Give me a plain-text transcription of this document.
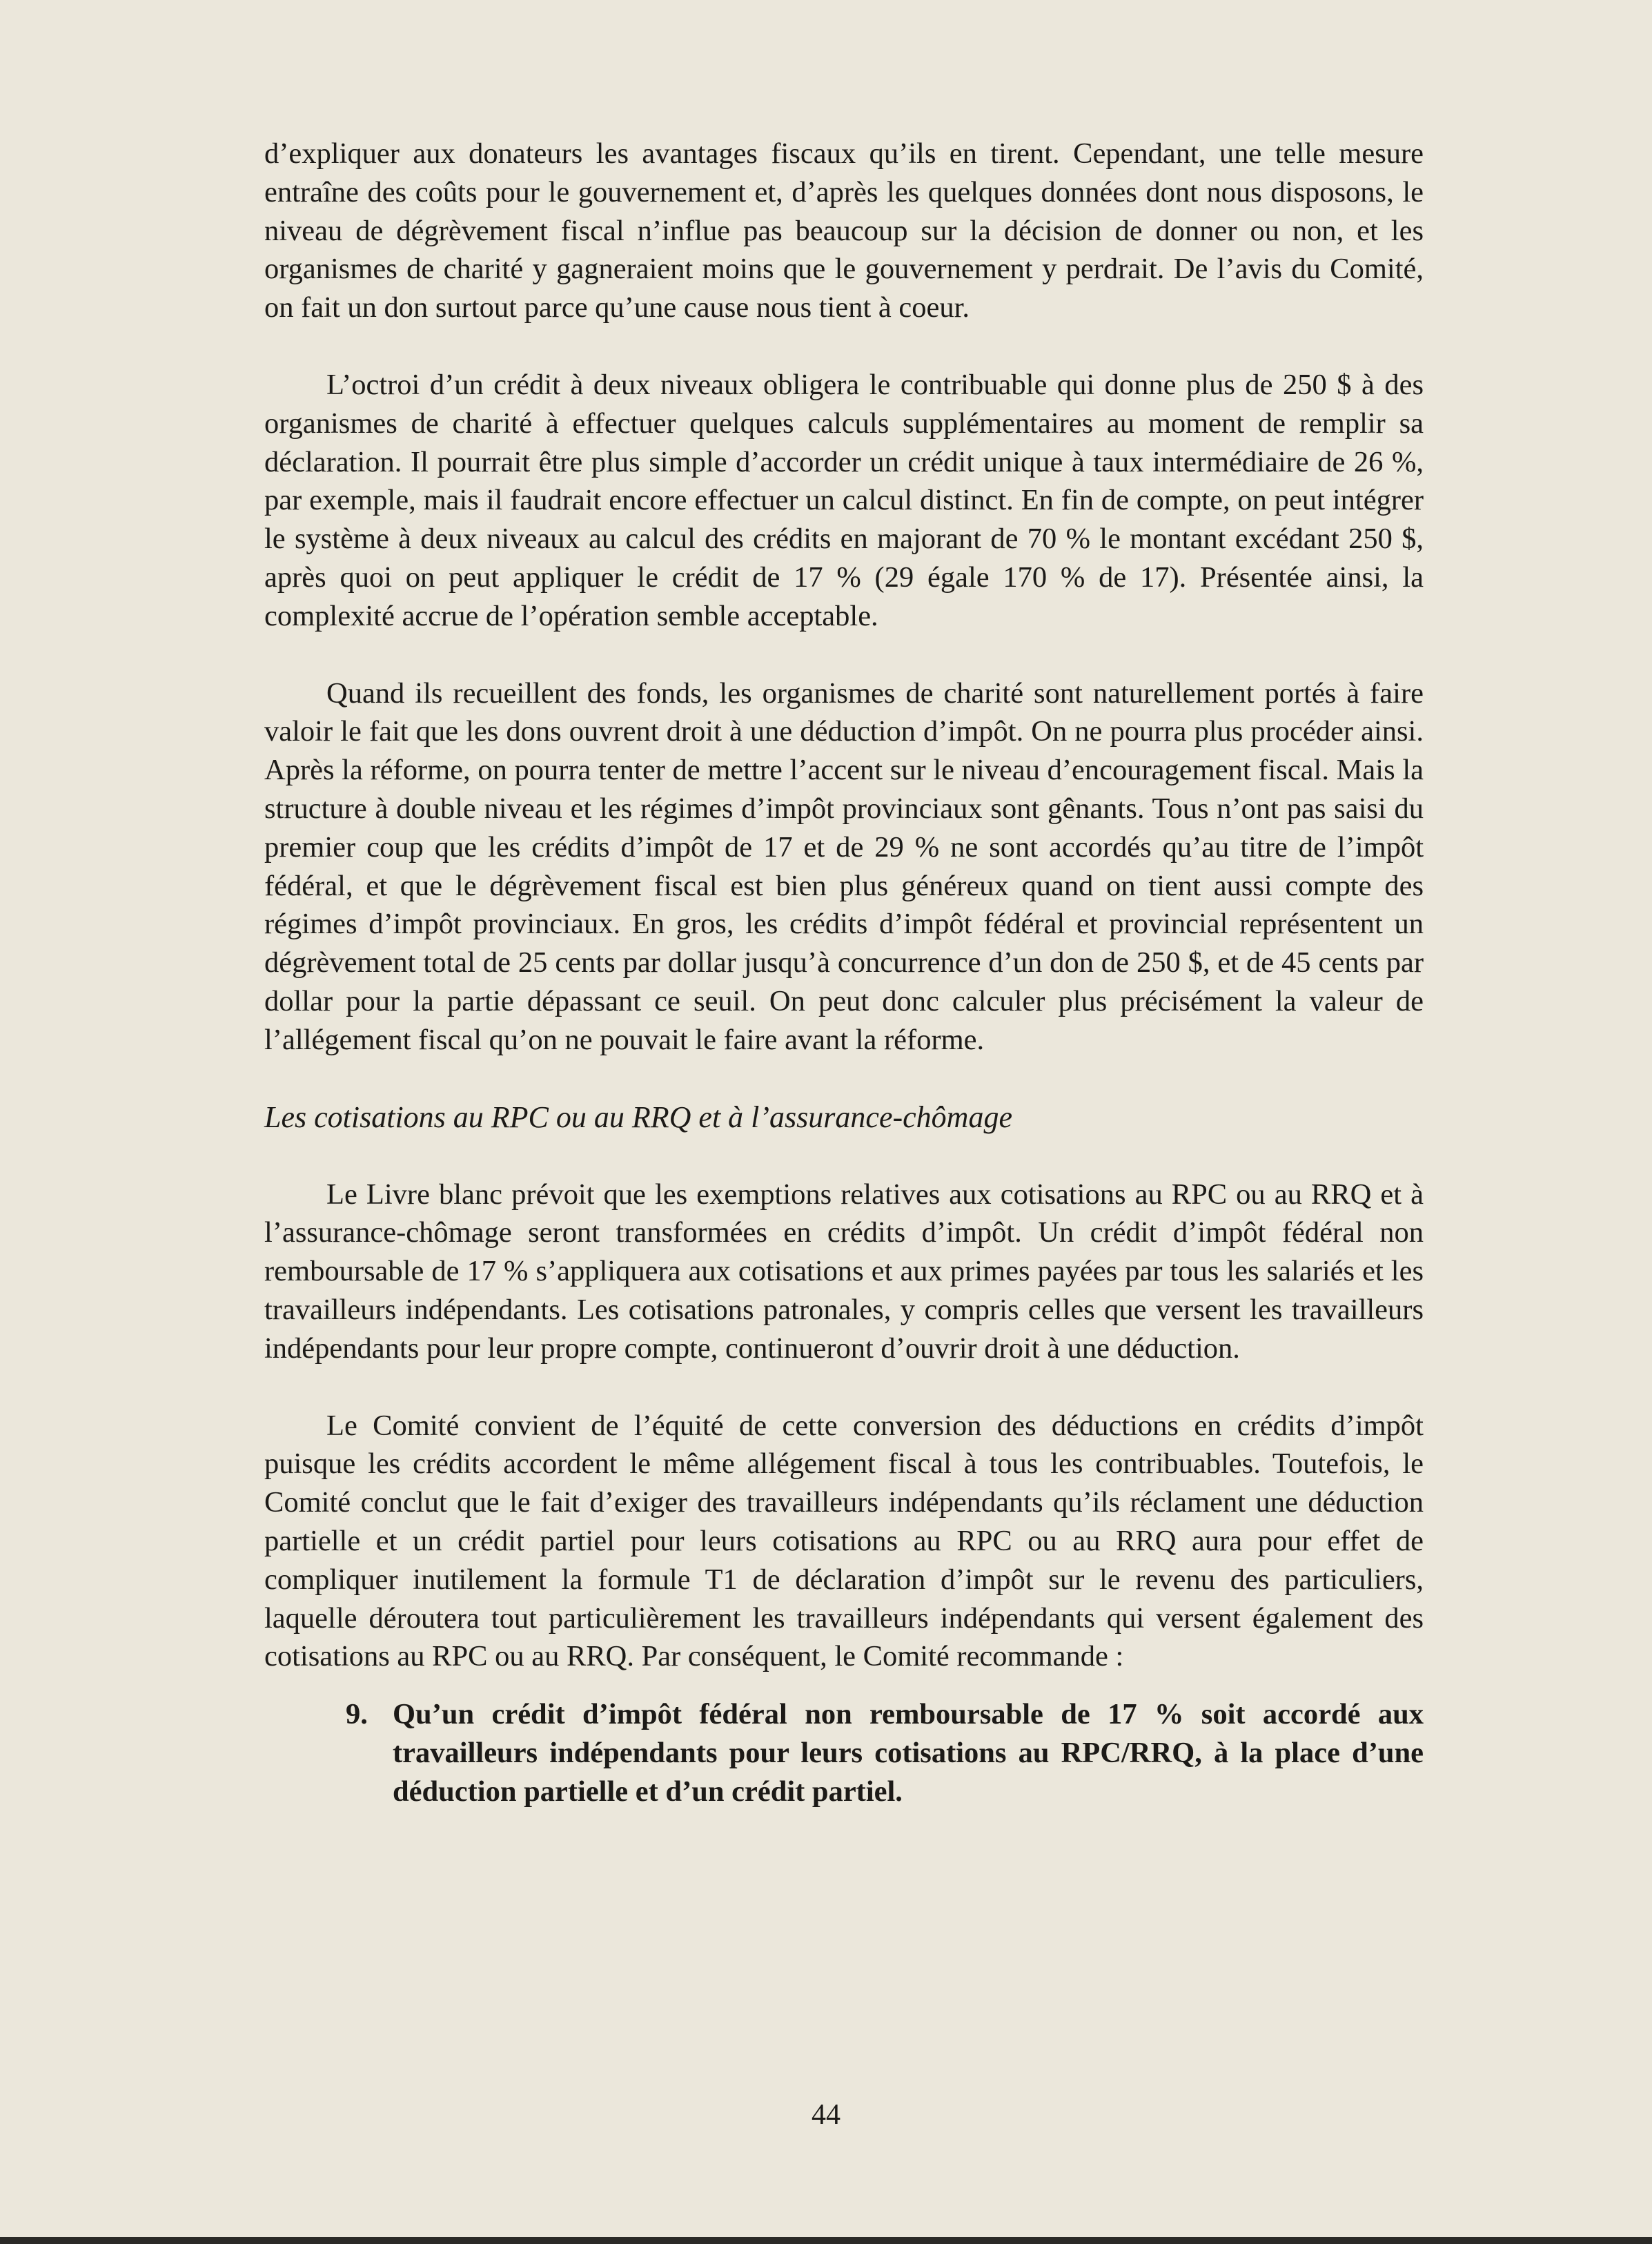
d’expliquer aux donateurs les avantages fiscaux qu’ils en tirent. Cependant, une telle mesure entraîne des coûts pour le gouvernement et, d’après les quelques données dont nous disposons, le niveau de dégrèvement fiscal n’influe pas beaucoup sur la décision de donner ou non, et les organismes de charité y gagneraient moins que le gouvernement y perdrait. De l’avis du Comité, on fait un don surtout parce qu’une cause nous tient à coeur.

L’octroi d’un crédit à deux niveaux obligera le contribuable qui donne plus de 250 $ à des organismes de charité à effectuer quelques calculs supplémentaires au moment de remplir sa déclaration. Il pourrait être plus simple d’accorder un crédit unique à taux intermédiaire de 26 %, par exemple, mais il faudrait encore effectuer un calcul distinct. En fin de compte, on peut intégrer le système à deux niveaux au calcul des crédits en majorant de 70 % le montant excédant 250 $, après quoi on peut appliquer le crédit de 17 % (29 égale 170 % de 17). Présentée ainsi, la complexité accrue de l’opération semble acceptable.

Quand ils recueillent des fonds, les organismes de charité sont naturellement portés à faire valoir le fait que les dons ouvrent droit à une déduction d’impôt. On ne pourra plus procéder ainsi. Après la réforme, on pourra tenter de mettre l’accent sur le niveau d’encouragement fiscal. Mais la structure à double niveau et les régimes d’impôt provinciaux sont gênants. Tous n’ont pas saisi du premier coup que les crédits d’impôt de 17 et de 29 % ne sont accordés qu’au titre de l’impôt fédéral, et que le dégrèvement fiscal est bien plus généreux quand on tient aussi compte des régimes d’impôt provinciaux. En gros, les crédits d’impôt fédéral et provincial représentent un dégrèvement total de 25 cents par dollar jusqu’à concurrence d’un don de 250 $, et de 45 cents par dollar pour la partie dépassant ce seuil. On peut donc calculer plus précisément la valeur de l’allégement fiscal qu’on ne pouvait le faire avant la réforme.

Les cotisations au RPC ou au RRQ et à l’assurance-chômage

Le Livre blanc prévoit que les exemptions relatives aux cotisations au RPC ou au RRQ et à l’assurance-chômage seront transformées en crédits d’impôt. Un crédit d’impôt fédéral non remboursable de 17 % s’appliquera aux cotisations et aux primes payées par tous les salariés et les travailleurs indépendants. Les cotisations patronales, y compris celles que versent les travailleurs indépendants pour leur propre compte, continueront d’ouvrir droit à une déduction.

Le Comité convient de l’équité de cette conversion des déductions en crédits d’impôt puisque les crédits accordent le même allégement fiscal à tous les contribuables. Toutefois, le Comité conclut que le fait d’exiger des travailleurs indépendants qu’ils réclament une déduction partielle et un crédit partiel pour leurs cotisations au RPC ou au RRQ aura pour effet de compliquer inutilement la formule T1 de déclaration d’impôt sur le revenu des particuliers, laquelle déroutera tout particulièrement les travailleurs indépendants qui versent également des cotisations au RPC ou au RRQ. Par conséquent, le Comité recommande :

9. Qu’un crédit d’impôt fédéral non remboursable de 17 % soit accordé aux travailleurs indépendants pour leurs cotisations au RPC/RRQ, à la place d’une déduction partielle et d’un crédit partiel.
44
